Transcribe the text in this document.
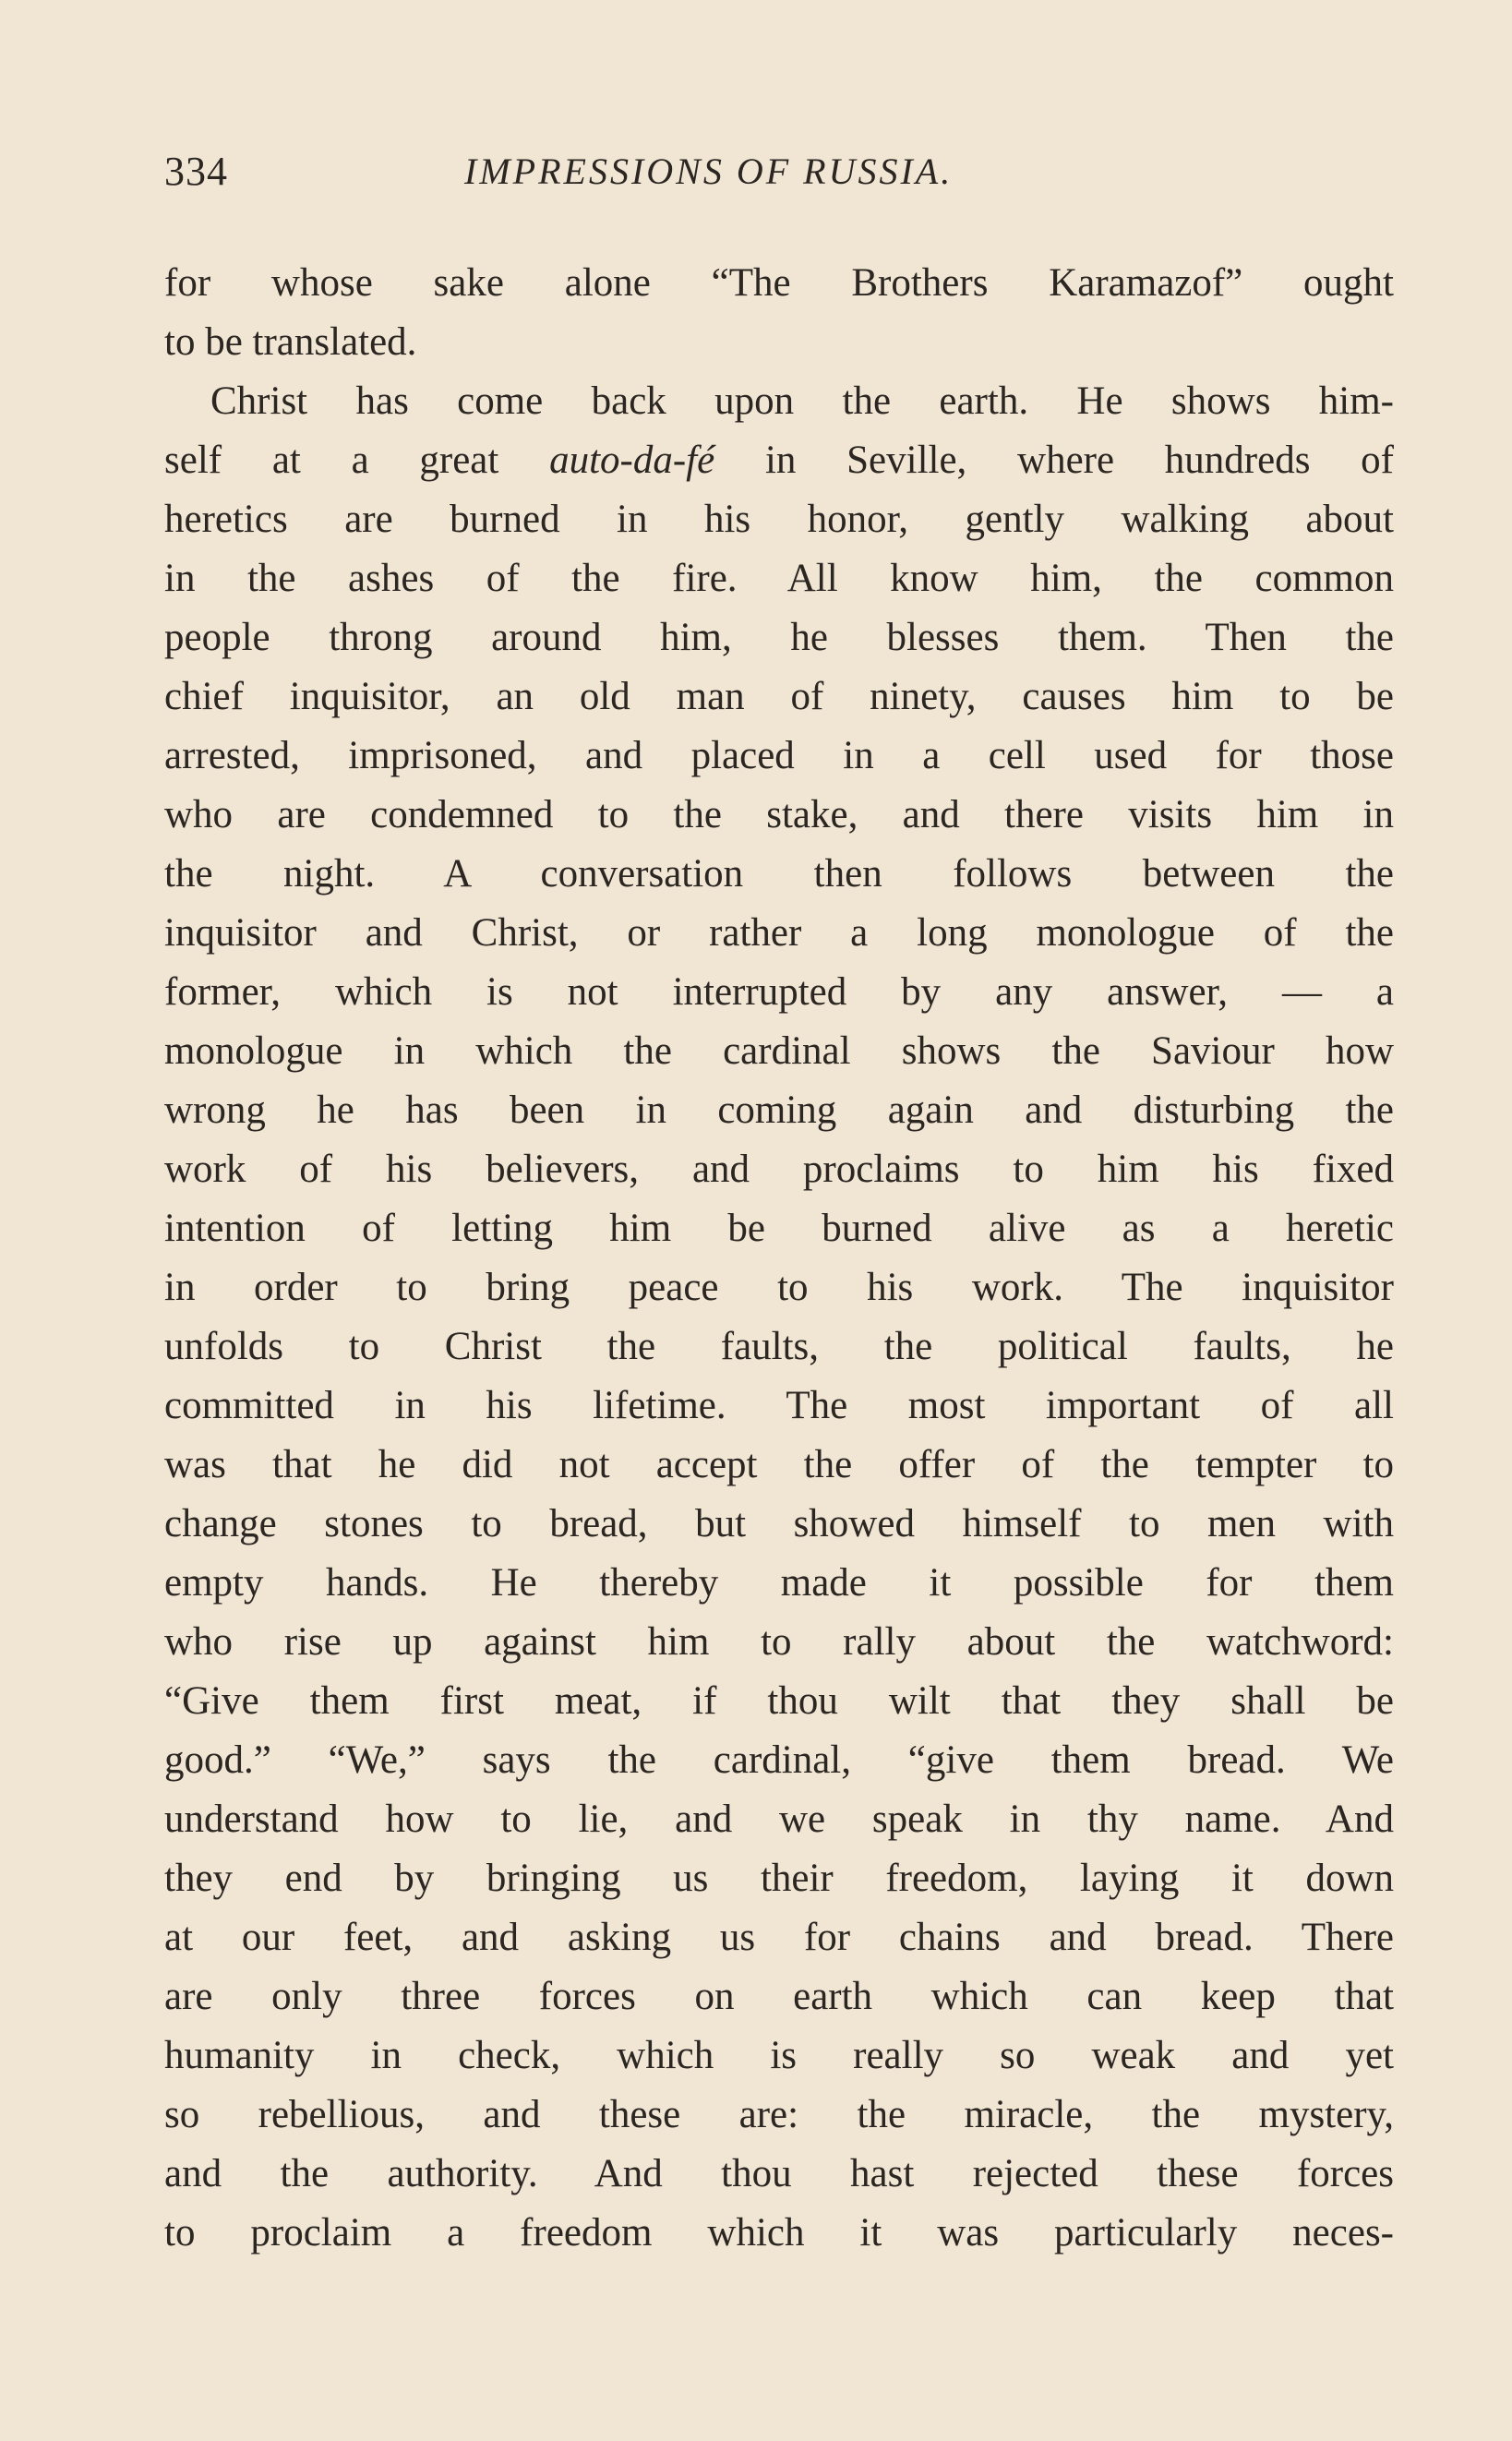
334	IMPRESSIONS OF RUSSIA.
for whose sake alone “The Brothers Karamazof” ought
to be translated.
Christ has come back upon the earth. He shows him-
self at a great auto-da-fé in Seville, where hundreds of
heretics are burned in his honor, gently walking about
in the ashes of the fire. All know him, the common
people throng around him, he blesses them. Then the
chief inquisitor, an old man of ninety, causes him to be
arrested, imprisoned, and placed in a cell used for those
who are condemned to the stake, and there visits him in
the night. A conversation then follows between the
inquisitor and Christ, or rather a long monologue of the
former, which is not interrupted by any answer, — a
monologue in which the cardinal shows the Saviour how
wrong he has been in coming again and disturbing the
work of his believers, and proclaims to him his fixed
intention of letting him be burned alive as a heretic
in order to bring peace to his work. The inquisitor
unfolds to Christ the faults, the political faults, he
committed in his lifetime. The most important of all
was that he did not accept the offer of the tempter to
change stones to bread, but showed himself to men with
empty hands. He thereby made it possible for them
who rise up against him to rally about the watchword:
“Give them first meat, if thou wilt that they shall be
good.” “We,” says the cardinal, “give them bread. We
understand how to lie, and we speak in thy name. And
they end by bringing us their freedom, laying it down
at our feet, and asking us for chains and bread. There
are only three forces on earth which can keep that
humanity in check, which is really so weak and yet
so rebellious, and these are: the miracle, the mystery,
and the authority. And thou hast rejected these forces
to proclaim a freedom which it was particularly neces-
